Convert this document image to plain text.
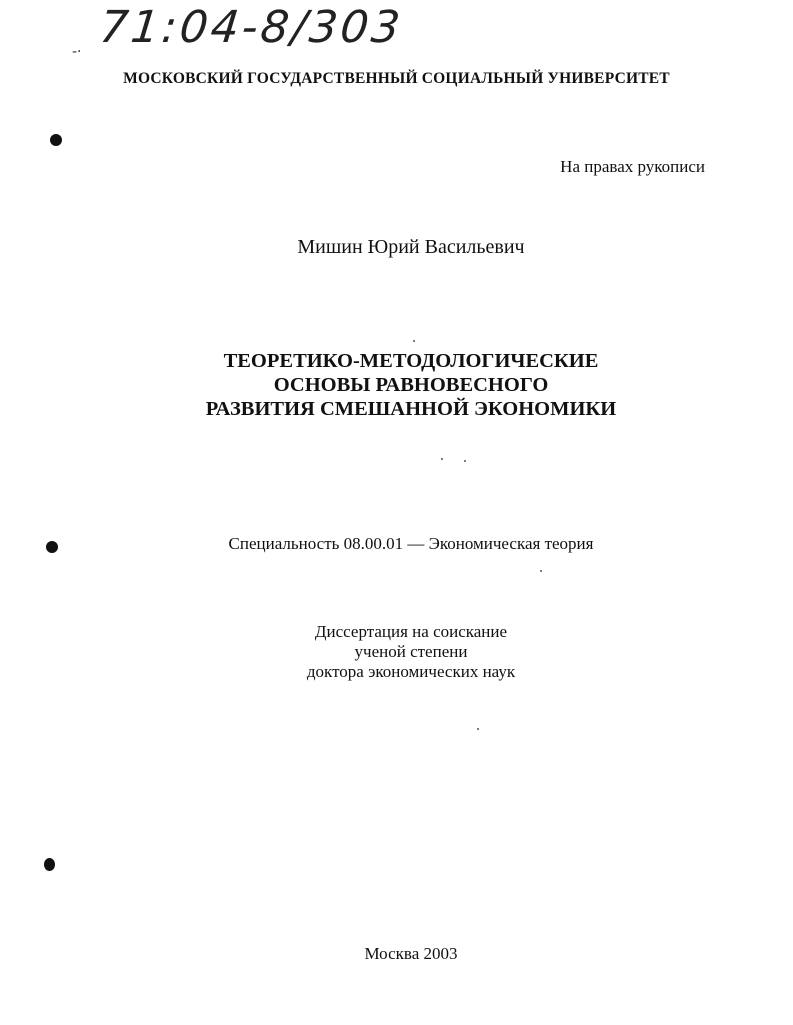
-· 71:04-8/303
МОСКОВСКИЙ ГОСУДАРСТВЕННЫЙ СОЦИАЛЬНЫЙ УНИВЕРСИТЕТ
На правах рукописи
Мишин Юрий Васильевич
ТЕОРЕТИКО-МЕТОДОЛОГИЧЕСКИЕ
ОСНОВЫ РАВНОВЕСНОГО
РАЗВИТИЯ СМЕШАННОЙ ЭКОНОМИКИ
Специальность 08.00.01 — Экономическая теория
Диссертация на соискание
ученой степени
доктора экономических наук
Москва 2003
